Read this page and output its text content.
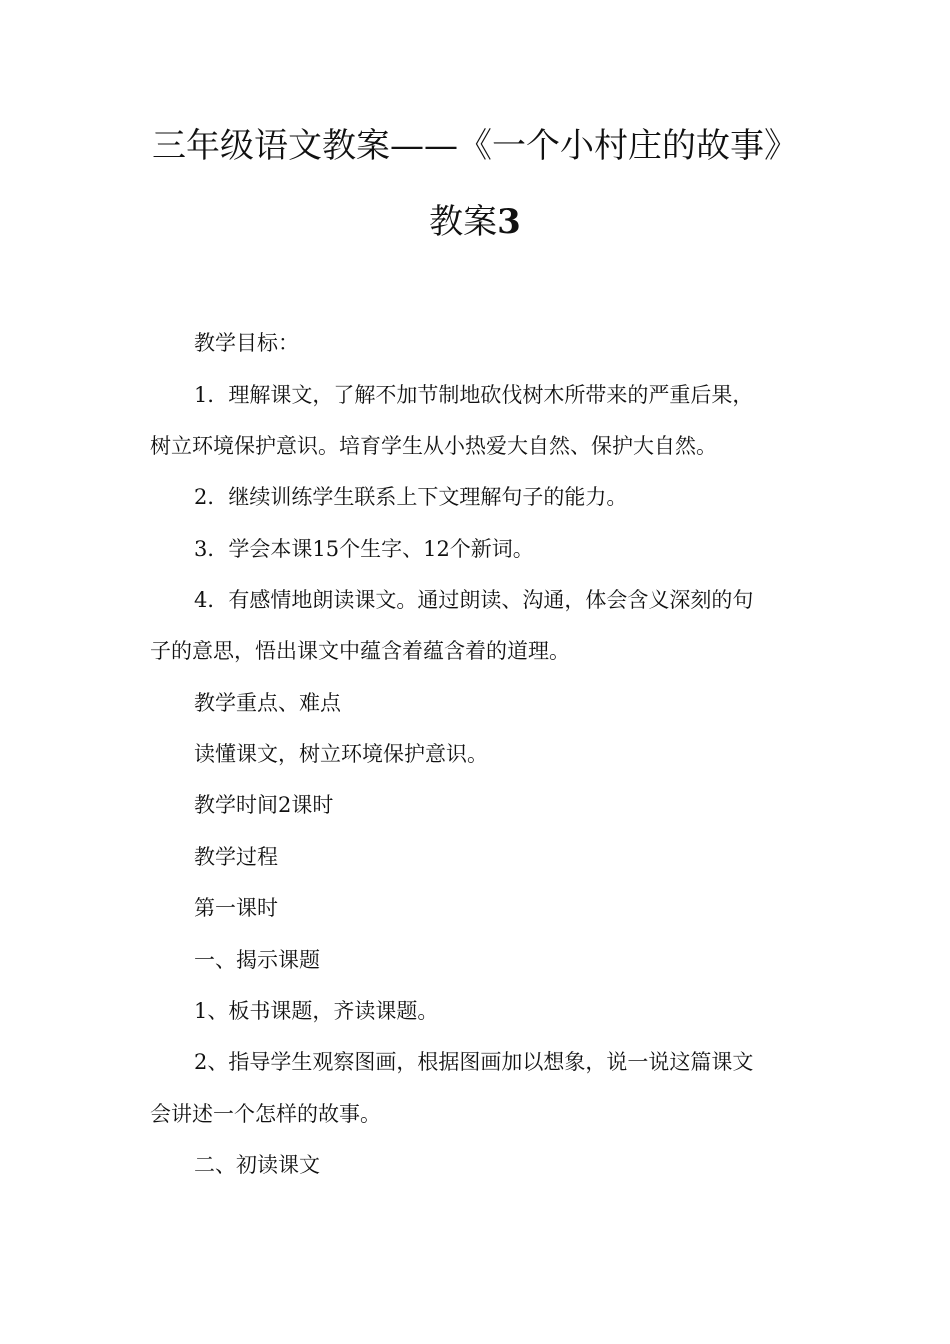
三年级语文教案——《一个小村庄的故事》
教案3
教学目标：
1．理解课文，了解不加节制地砍伐树木所带来的严重后果，
树立环境保护意识。培育学生从小热爱大自然、保护大自然。
2．继续训练学生联系上下文理解句子的能力。
3．学会本课15个生字、12个新词。
4．有感情地朗读课文。通过朗读、沟通，体会含义深刻的句
子的意思，悟出课文中蕴含着蕴含着的道理。
教学重点、难点
读懂课文，树立环境保护意识。
教学时间2课时
教学过程
第一课时
一、揭示课题
1、板书课题，齐读课题。
2、指导学生观察图画，根据图画加以想象，说一说这篇课文
会讲述一个怎样的故事。
二、初读课文
